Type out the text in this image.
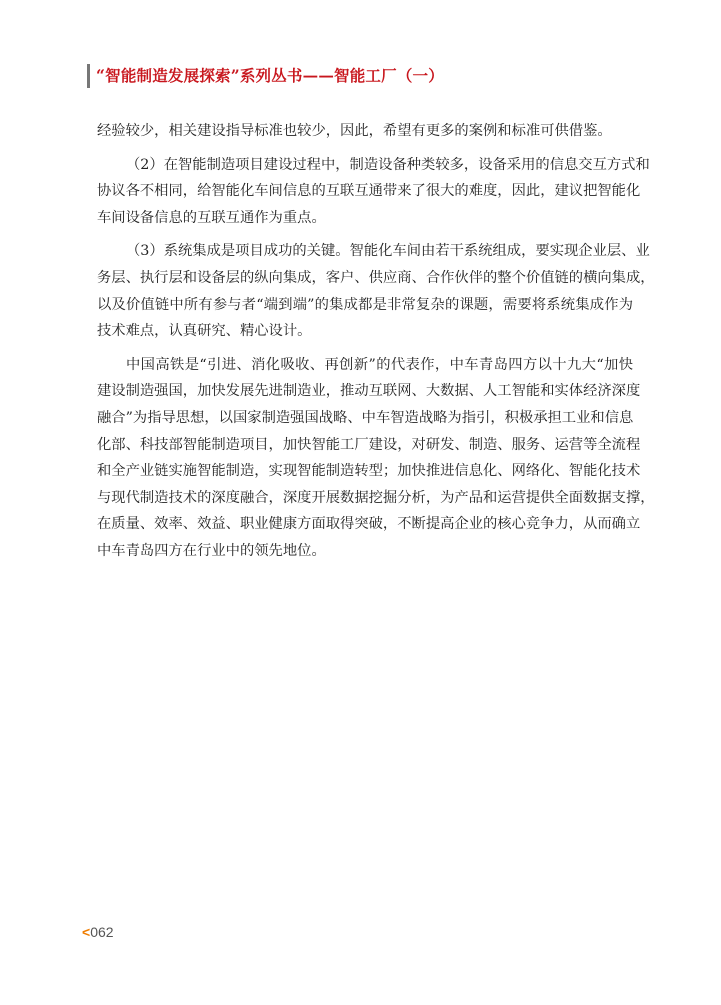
“智能制造发展探索”系列丛书——智能工厂（一）
经验较少，相关建设指导标准也较少，因此，希望有更多的案例和标准可供借鉴。
（2）在智能制造项目建设过程中，制造设备种类较多，设备采用的信息交互方式和
协议各不相同，给智能化车间信息的互联互通带来了很大的难度，因此，建议把智能化
车间设备信息的互联互通作为重点。
（3）系统集成是项目成功的关键。智能化车间由若干系统组成，要实现企业层、业
务层、执行层和设备层的纵向集成，客户、供应商、合作伙伴的整个价值链的横向集成，
以及价值链中所有参与者“端到端”的集成都是非常复杂的课题，需要将系统集成作为
技术难点，认真研究、精心设计。
中国高铁是“引进、消化吸收、再创新”的代表作，中车青岛四方以十九大“加快
建设制造强国，加快发展先进制造业，推动互联网、大数据、人工智能和实体经济深度
融合”为指导思想，以国家制造强国战略、中车智造战略为指引，积极承担工业和信息
化部、科技部智能制造项目，加快智能工厂建设，对研发、制造、服务、运营等全流程
和全产业链实施智能制造，实现智能制造转型；加快推进信息化、网络化、智能化技术
与现代制造技术的深度融合，深度开展数据挖掘分析，为产品和运营提供全面数据支撑，
在质量、效率、效益、职业健康方面取得突破，不断提高企业的核心竞争力，从而确立
中车青岛四方在行业中的领先地位。
<062
